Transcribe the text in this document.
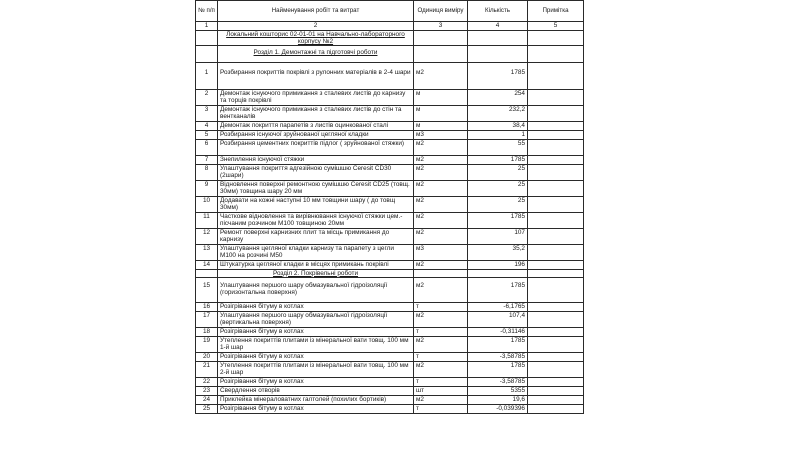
№ п/п	Найменування робіт та витрат	Одиниця виміру	Кількість	Примітка
1	2	3	4	5
	Локальний кошторис 02-01-01 на Навчально-лабораторного корпусу №2			
	Розділ 1. Демонтажні та підготовчі роботи			
1	Розбирання покриттів покрівлі з рулонних матеріалів в 2-4 шари	м2	1785	
2	Демонтаж існуючого примикання з сталевих листів до карнизу та торців покрівлі	м	254	
3	Демонтаж існуючого примикання з сталевих листів до стін та вентканалів	м	232,2	
4	Демонтаж покриття парапетів з листів оцинкованої сталі	м	38,4	
5	Розбирання існуючої зруйнованої цегляної кладки	м3	1	
6	Розбирання цементних покриттів підлог ( зруйнованої стяжки)	м2	55	
7	Знепилення існуючої стяжки	м2	1785	
8	Улаштування покриття адгезійною сумішшю Ceresit CD30 (2шари)	м2	25	
9	Відновлення поверхні ремонтною сумішшю Ceresit CD25 (товщ. 30мм) товщина шару 20 мм	м2	25	
10	Додавати на кожні наступні 10 мм товщини шару ( до товщ 30мм)	м2	25	
11	Часткове відновлення та вирівнювання існуючої стяжки цем.-пісчаним розчином М100 товщиною 20мм	м2	1785	
12	Ремонт поверхні карнизних плит та місць примикання до карнизу	м2	107	
13	Улаштування цегляної кладки карнизу та парапету з цегли М100 на розчині М50	м3	35,2	
14	Штукатурка цегляної кладки в місцях примикань покрівлі	м2	196	
	Розділ 2. Покрівельні роботи			
15	Улаштування першого шару обмазувальної гідроізоляції (горизонтальна поверхня)	м2	1785	
16	Розігрівання бітуму в котлах	т	-6,1765	
17	Улаштування першого шару обмазувальної гідроізоляції (вертикальна поверхня)	м2	107,4	
18	Розігрівання бітуму в котлах	т	-0,31146	
19	Утеплення покриттів плитами із мінеральної вати товщ. 100 мм 1-й шар	м2	1785	
20	Розігрівання бітуму в котлах	т	-3,58785	
21	Утеплення покриттів плитами із мінеральної вати товщ. 100 мм 2-й шар	м2	1785	
22	Розігрівання бітуму в котлах	т	-3,58785	
23	Свердлення отворів	шт	5355	
24	Приклейка мінераловатних галтолей (похилих бортиків)	м2	19,6	
25	Розігрівання бітуму в котлах	т	-0,039396	
